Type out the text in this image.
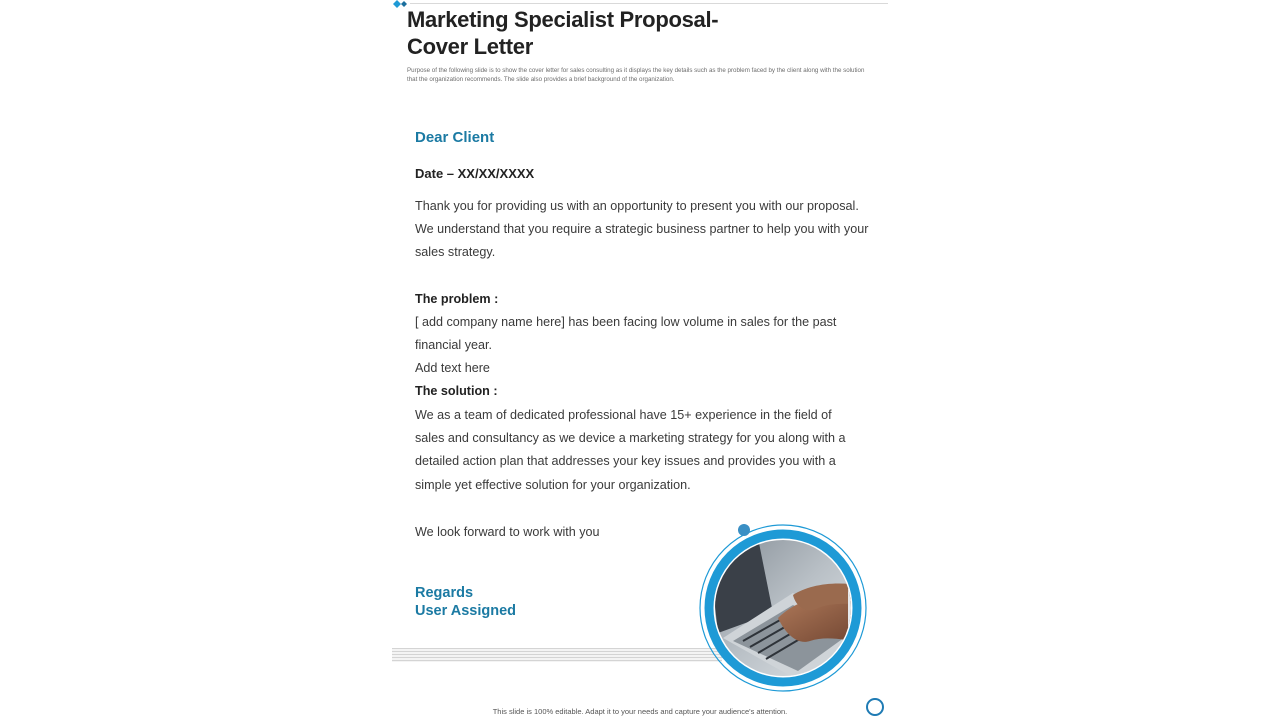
Marketing Specialist Proposal-
Cover Letter

Purpose of the following slide is to show the cover letter for sales consulting as it displays the key details such as the problem faced by the client along with the solution that the organization recommends. The slide also provides a brief background of the organization.

Dear Client
Date – XX/XX/XXXX

Thank you for providing us with an opportunity to present you with our proposal. We understand that you require a strategic business partner to help you with your sales strategy.

The problem :

[ add company name here] has been facing low volume in sales for the past financial year.

Add text here

The solution :

We as a team of dedicated professional have 15+ experience in the field of sales and consultancy as we device a marketing strategy for you along with a detailed action plan that addresses your key issues and provides you with a simple yet effective solution for your organization.

We look forward to work with you

Regards
User Assigned
This slide is 100% editable. Adapt it to your needs and capture your audience's attention.
